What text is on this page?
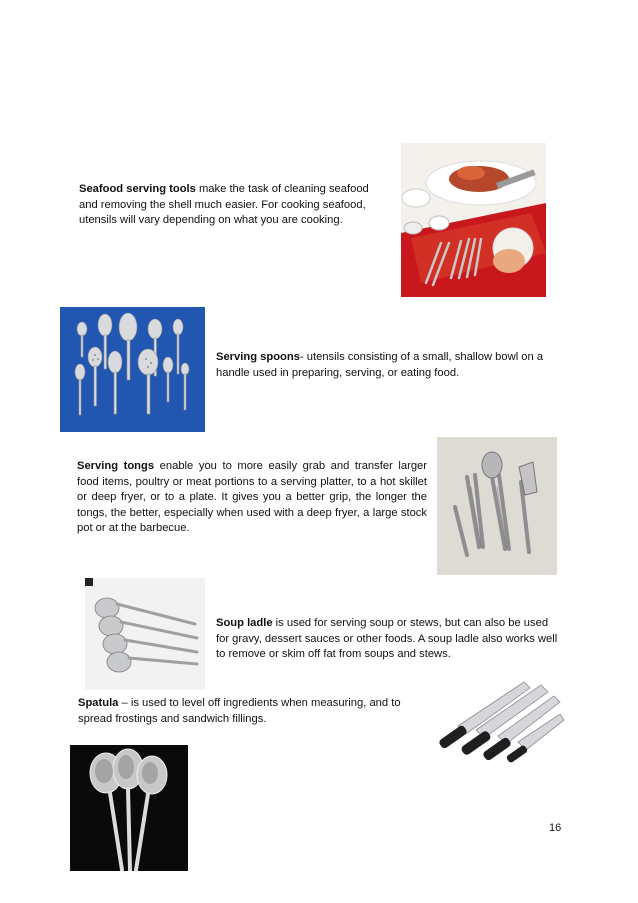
Seafood serving tools make the task of cleaning seafood and removing the shell much easier. For cooking seafood, utensils will vary depending on what you are cooking.

Serving spoons- utensils consisting of a small, shallow bowl on a handle used in preparing, serving, or eating food.

Serving tongs enable you to more easily grab and transfer larger food items, poultry or meat portions to a serving platter, to a hot skillet or deep fryer, or to a plate. It gives you a better grip, the longer the tongs, the better, especially when used with a deep fryer, a large stock pot or at the barbecue.

Soup ladle is used for serving soup or stews, but can also be used for gravy, dessert sauces or other foods. A soup ladle also works well to remove or skim off fat from soups and stews.

Spatula – is used to level off ingredients when measuring, and to spread frostings and sandwich fillings.

16
